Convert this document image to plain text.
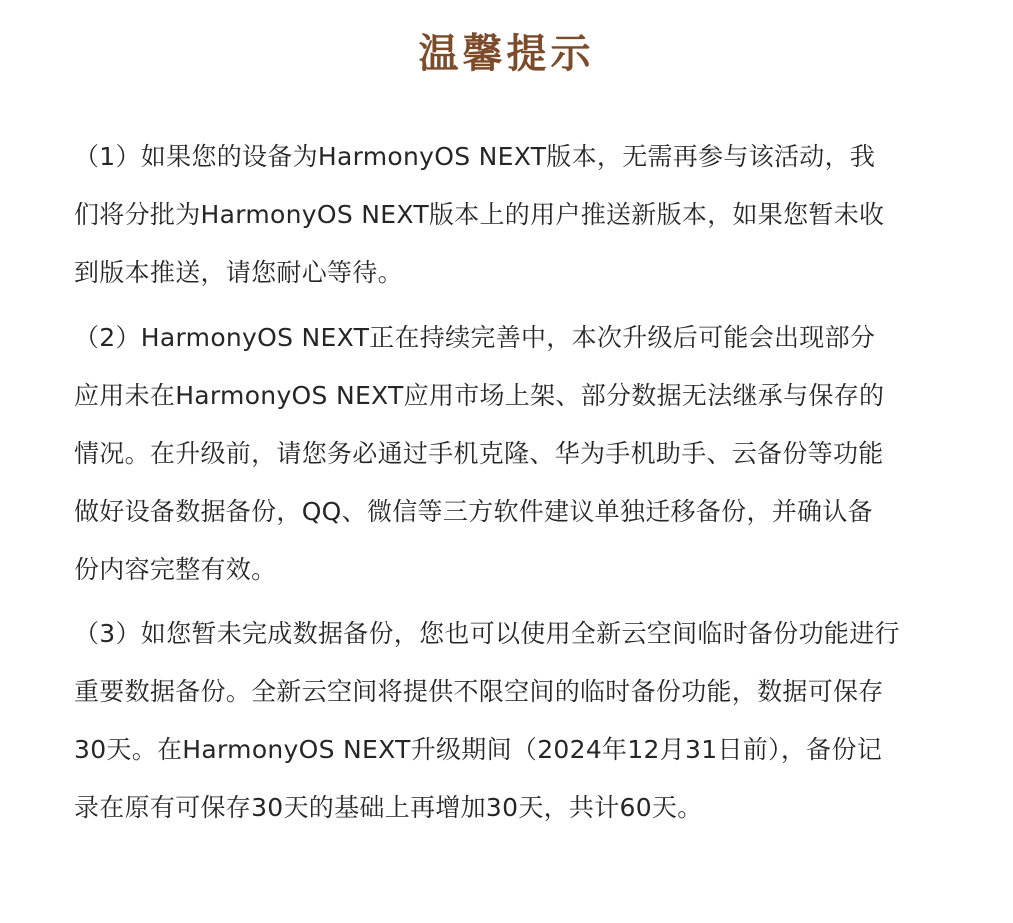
温馨提示

（1）如果您的设备为HarmonyOS NEXT版本，无需再参与该活动，我
们将分批为HarmonyOS NEXT版本上的用户推送新版本，如果您暂未收
到版本推送，请您耐心等待。

（2）HarmonyOS NEXT正在持续完善中，本次升级后可能会出现部分
应用未在HarmonyOS NEXT应用市场上架、部分数据无法继承与保存的
情况。在升级前，请您务必通过手机克隆、华为手机助手、云备份等功能
做好设备数据备份，QQ、微信等三方软件建议单独迁移备份，并确认备
份内容完整有效。

（3）如您暂未完成数据备份，您也可以使用全新云空间临时备份功能进行
重要数据备份。全新云空间将提供不限空间的临时备份功能，数据可保存
30天。在HarmonyOS NEXT升级期间（2024年12月31日前），备份记
录在原有可保存30天的基础上再增加30天，共计60天。
